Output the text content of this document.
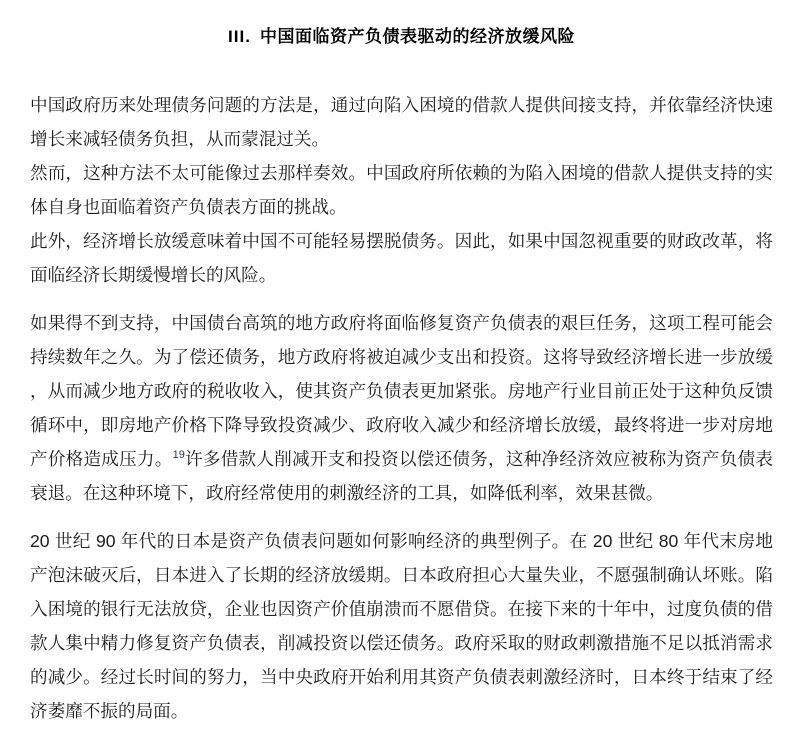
III. 中国面临资产负债表驱动的经济放缓风险

中国政府历来处理债务问题的方法是，通过向陷入困境的借款人提供间接支持，并依靠经济快速增长来减轻债务负担，从而蒙混过关。

然而，这种方法不太可能像过去那样奏效。中国政府所依赖的为陷入困境的借款人提供支持的实体自身也面临着资产负债表方面的挑战。

此外，经济增长放缓意味着中国不可能轻易摆脱债务。因此，如果中国忽视重要的财政改革，将面临经济长期缓慢增长的风险。

如果得不到支持，中国债台高筑的地方政府将面临修复资产负债表的艰巨任务，这项工程可能会持续数年之久。为了偿还债务，地方政府将被迫减少支出和投资。这将导致经济增长进一步放缓，从而减少地方政府的税收收入，使其资产负债表更加紧张。房地产行业目前正处于这种负反馈循环中，即房地产价格下降导致投资减少、政府收入减少和经济增长放缓，最终将进一步对房地产价格造成压力。$^{19}$许多借款人削减开支和投资以偿还债务，这种净经济效应被称为资产负债表衰退。在这种环境下，政府经常使用的刺激经济的工具，如降低利率，效果甚微。

20 世纪 90 年代的日本是资产负债表问题如何影响经济的典型例子。在 20 世纪 80 年代末房地产泡沫破灭后，日本进入了长期的经济放缓期。日本政府担心大量失业，不愿强制确认坏账。陷入困境的银行无法放贷，企业也因资产价值崩溃而不愿借贷。在接下来的十年中，过度负债的借款人集中精力修复资产负债表，削减投资以偿还债务。政府采取的财政刺激措施不足以抵消需求的减少。经过长时间的努力，当中央政府开始利用其资产负债表刺激经济时，日本终于结束了经济萎靡不振的局面。
